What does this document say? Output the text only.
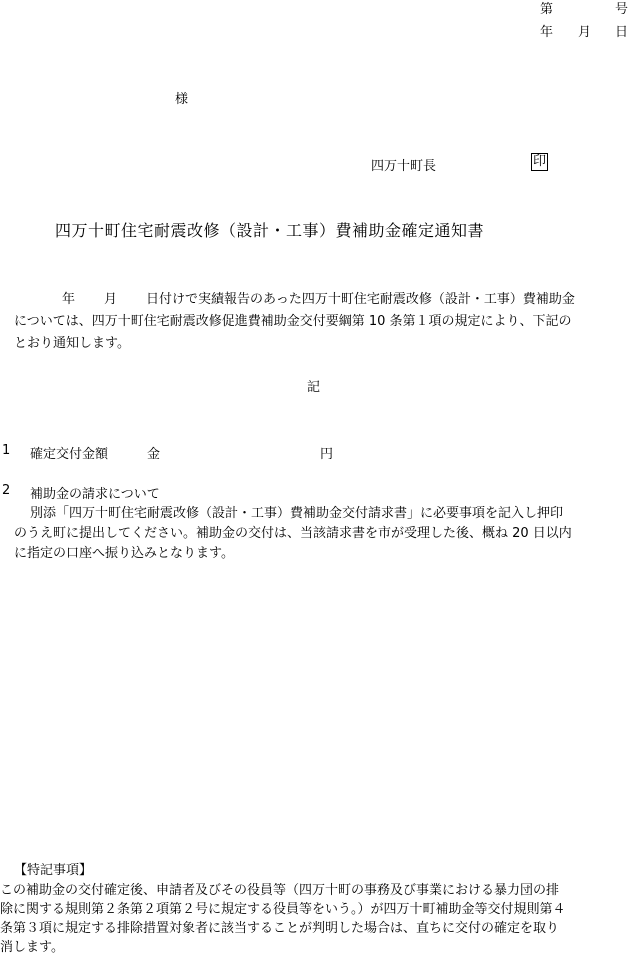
第	号
年 月 日
様
四万十町長	印
四万十町住宅耐震改修（設計・工事）費補助金確定通知書
年 月 日付けで実績報告のあった四万十町住宅耐震改修（設計・工事）費補助金
については、四万十町住宅耐震改修促進費補助金交付要綱第 10 条第１項の規定により、下記の
とおり通知します。
記
1 確定交付金額	金	円
2 補助金の請求について
別添「四万十町住宅耐震改修（設計・工事）費補助金交付請求書」に必要事項を記入し押印
のうえ町に提出してください。補助金の交付は、当該請求書を市が受理した後、概ね 20 日以内
に指定の口座へ振り込みとなります。
【特記事項】
この補助金の交付確定後、申請者及びその役員等（四万十町の事務及び事業における暴力団の排
除に関する規則第２条第２項第２号に規定する役員等をいう。）が四万十町補助金等交付規則第４
条第３項に規定する排除措置対象者に該当することが判明した場合は、直ちに交付の確定を取り
消します。
